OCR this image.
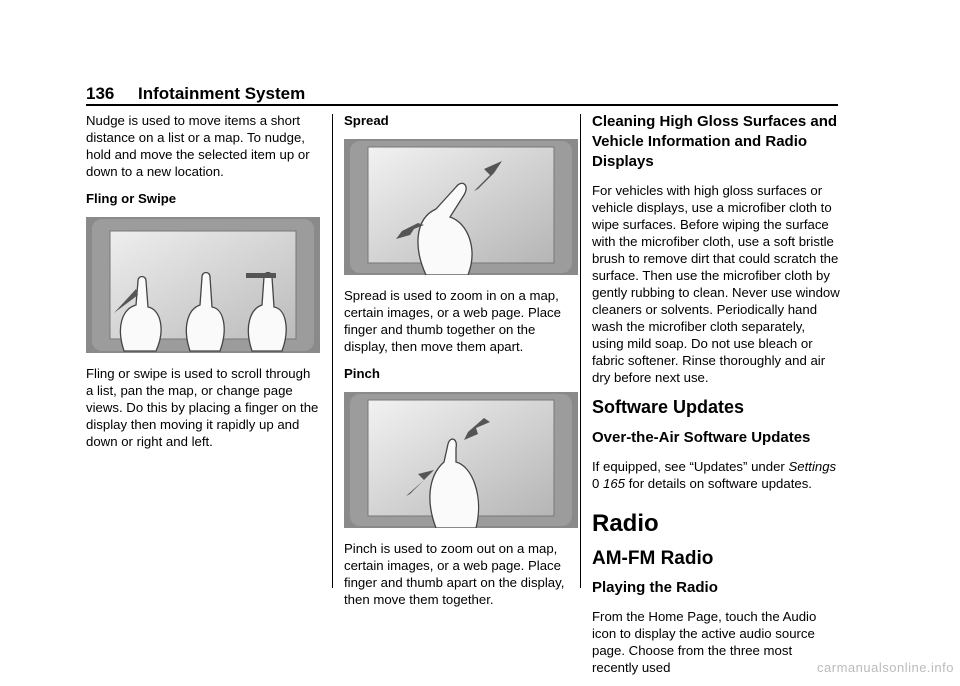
136 Infotainment System

Nudge is used to move items a short distance on a list or a map. To nudge, hold and move the selected item up or down to a new location.

Fling or Swipe

Fling or swipe is used to scroll through a list, pan the map, or change page views. Do this by placing a finger on the display then moving it rapidly up and down or right and left.

Spread

Spread is used to zoom in on a map, certain images, or a web page. Place finger and thumb together on the display, then move them apart.

Pinch

Pinch is used to zoom out on a map, certain images, or a web page. Place finger and thumb apart on the display, then move them together.

Cleaning High Gloss Surfaces and Vehicle Information and Radio Displays

For vehicles with high gloss surfaces or vehicle displays, use a microfiber cloth to wipe surfaces. Before wiping the surface with the microfiber cloth, use a soft bristle brush to remove dirt that could scratch the surface. Then use the microfiber cloth by gently rubbing to clean. Never use window cleaners or solvents. Periodically hand wash the microfiber cloth separately, using mild soap. Do not use bleach or fabric softener. Rinse thoroughly and air dry before next use.

Software Updates
Over-the-Air Software Updates

If equipped, see “Updates” under Settings
0 165 for details on software updates.

Radio
AM-FM Radio
Playing the Radio

From the Home Page, touch the Audio icon to display the active audio source page. Choose from the three most recently used	carmanualsonline.info
